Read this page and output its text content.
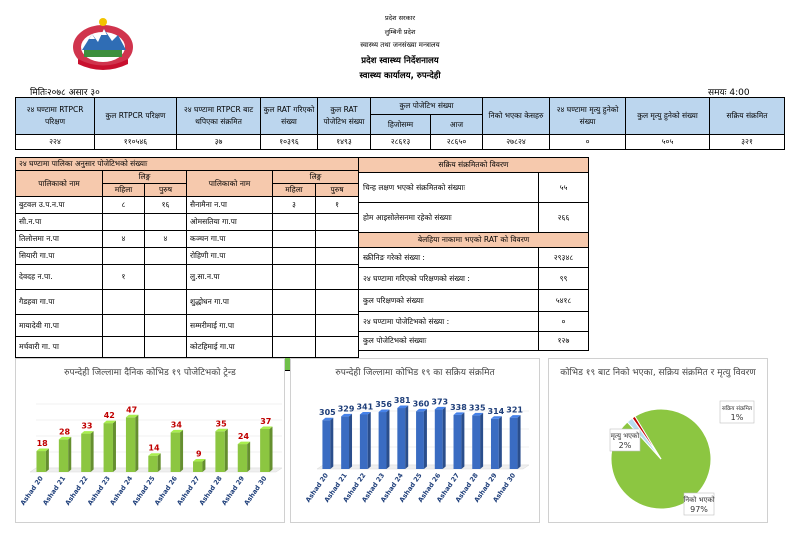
प्रदेश सरकार
लुम्बिनी प्रदेश
स्वास्थ्य तथा जनसंख्या मन्त्रालय
प्रदेश स्वास्थ्य निर्देशनालय
स्वास्थ्य कार्यालय, रुपन्देही
मितिः२०७८ असार ३०	समयः 4:00
२४ घण्टामा RTPCR परिक्षण	कुल RTPCR परिक्षण	२४ घण्टामा RTPCR बाट थपिएका संक्रमित	कुल RAT गरिएको संख्या	कुल RAT पोजेटिभ संख्या	कुल पोजेटिभ संख्या		निको भएका केसहरु	२४ घण्टामा मृत्यु हुनेको संख्या	कुल मृत्यु हुनेको संख्या	सक्रिय संक्रमित
					हिजोसम्म	आज				
२२४	११०५४६	३७	१०३९६	१४९३	२८६१३	२८६५०	२७८२४	०	५०५	३२१
२४ घण्टामा पालिका अनुसार पोजेटिभको संख्याः					
पालिकाको नाम	लिङ्ग		पालिकाको नाम	लिङ्ग	
	महिला	पुरुष		महिला	पुरुष
बुटवल उ.प.न.पा	८	१६	सैनामैना न.पा	३	१
सी.न.पा			ओमसतिया गा.पा		
तिलोत्तमा न.पा	४	४	कञ्चन गा.पा		
सियारी गा.पा			रोहिणी गा.पा		
देवदह न.पा.	१		लु.सा.न.पा		
गैडहवा गा.पा			शुद्धोधन गा.पा		
मायादेवी गा.पा			सम्मरीमाई गा.पा		
मर्चवारी गा. पा			कोटहिमाई गा.पा		

सक्रिय संक्रमितको विवरण	
चिन्ह लक्षण भएको संक्रमितको संख्याः	५५
होम आइसोलेसनमा रहेको संख्याः	२६६
बेलहिया नाकामा भएको RAT को विवरण	
स्क्रीनिङ गरेको संख्या :	२९३४८
२४ घण्टामा गरिएको परिक्षणको संख्या :	९९
कुल परिक्षणको संख्याः	५४१८
२४ घण्टामा पोजेटिभको संख्या :	०
कुल पोजेटिभको संख्याः	१२७
रुपन्देही जिल्लामा दैनिक कोभिड १९ पोजेटिभको ट्रेन्ड
18
Ashad 20
28
Ashad 21
33
Ashad 22
42
Ashad 23
47
Ashad 24
14
Ashad 25
34
Ashad 26
9
Ashad 27
35
Ashad 28
24
Ashad 29
37
Ashad 30
रुपन्देही जिल्लामा कोभिड १९ का सक्रिय संक्रमित
305
Ashad 20
329
Ashad 21
341
Ashad 22
356
Ashad 23
381
Ashad 24
360
Ashad 25
373
Ashad 26
338
Ashad 27
335
Ashad 28
314
Ashad 29
321
Ashad 30
कोभिड १९ बाट निको भएका, सक्रिय संक्रमित र मृत्यु विवरण
निको भएको
97%
मृत्यु भएको
2%
सक्रिय संक्रमित
1%
